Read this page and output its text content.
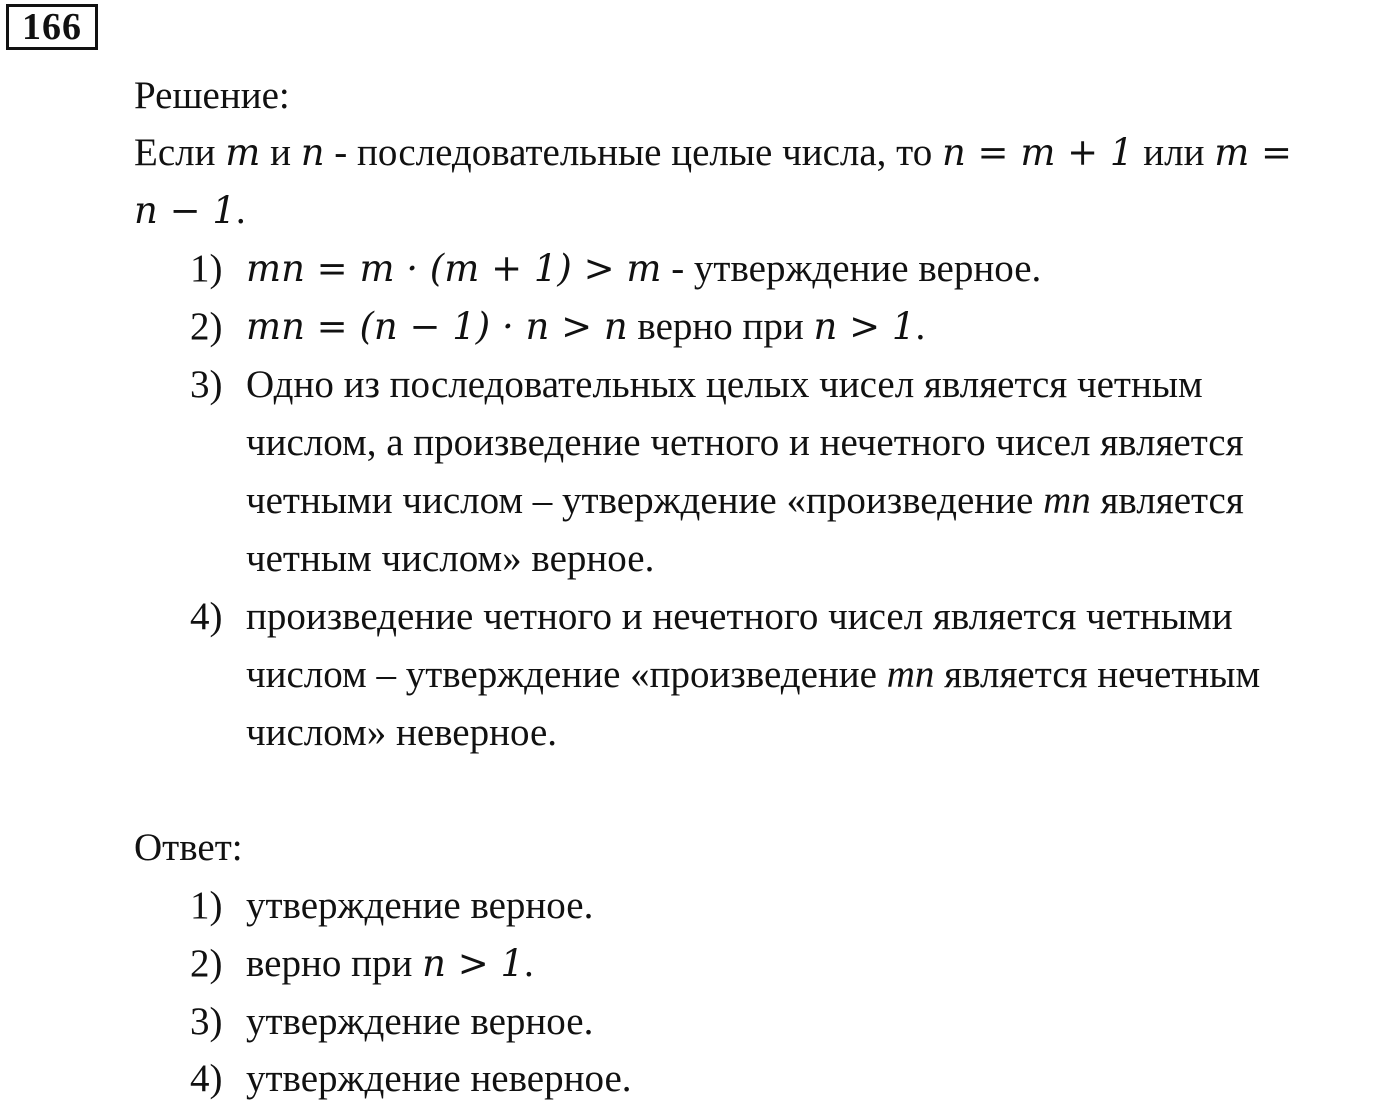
166
Решение:
Если m и n - последовательные целые числа, то n = m + 1 или m =
n − 1.
1) mn = m · (m + 1) > m - утверждение верное.
2) mn = (n − 1) · n > n верно при n > 1.
3) Одно из последовательных целых чисел является четным
числом, а произведение четного и нечетного чисел является
четными числом – утверждение «произведение mn является
четным числом» верное.
4) произведение четного и нечетного чисел является четными
числом – утверждение «произведение mn является нечетным
числом» неверное.
Ответ:
1) утверждение верное.
2) верно при n > 1.
3) утверждение верное.
4) утверждение неверное.
